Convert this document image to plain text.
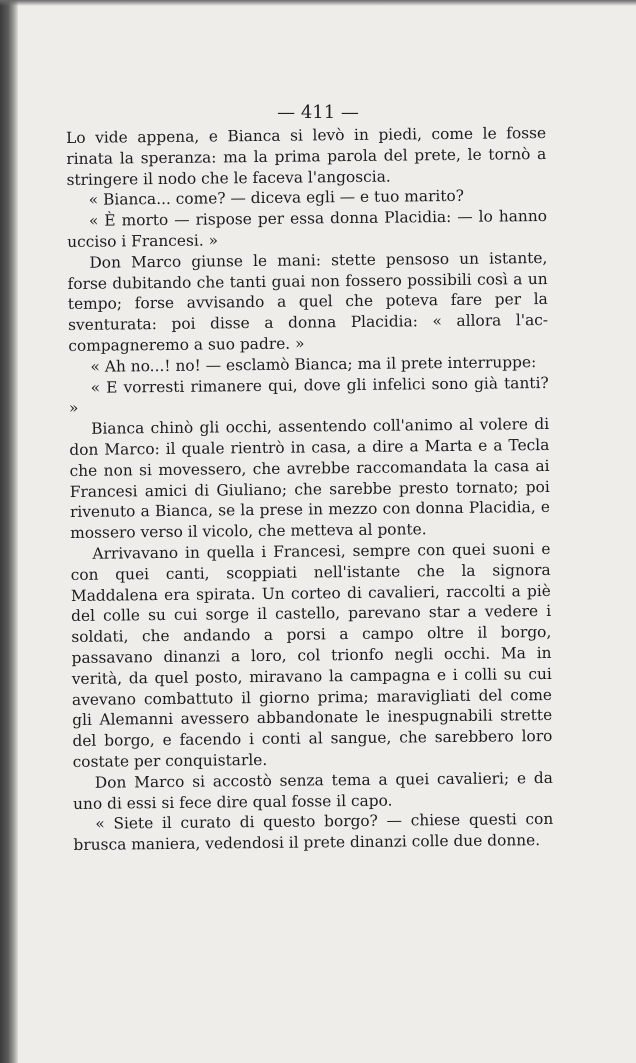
— 411 —

Lo vide appena, e Bianca si levò in piedi, come le fosse rinata la speranza: ma la prima parola del prete, le tornò a stringere il nodo che le faceva l'angoscia.

« Bianca... come? — diceva egli — e tuo marito?

« È morto — rispose per essa donna Placidia: — lo hanno ucciso i Francesi. »

Don Marco giunse le mani: stette pensoso un istante, forse dubitando che tanti guai non fossero possibili così a un tempo; forse avvisando a quel che poteva fare per la sventurata: poi disse a donna Placidia: « allora l'accompagneremo a suo padre. »

« Ah no...! no! — esclamò Bianca; ma il prete interruppe:

« E vorresti rimanere qui, dove gli infelici sono già tanti? »

Bianca chinò gli occhi, assentendo coll'animo al volere di don Marco: il quale rientrò in casa, a dire a Marta e a Tecla che non si movessero, che avrebbe raccomandata la casa ai Francesi amici di Giuliano; che sarebbe presto tornato; poi rivenuto a Bianca, se la prese in mezzo con donna Placidia, e mossero verso il vicolo, che metteva al ponte.

Arrivavano in quella i Francesi, sempre con quei suoni e con quei canti, scoppiati nell'istante che la signora Maddalena era spirata. Un corteo di cavalieri, raccolti a piè del colle su cui sorge il castello, parevano star a vedere i soldati, che andando a porsi a campo oltre il borgo, passavano dinanzi a loro, col trionfo negli occhi. Ma in verità, da quel posto, miravano la campagna e i colli su cui avevano combattuto il giorno prima; maravigliati del come gli Alemanni avessero abbandonate le inespugnabili strette del borgo, e facendo i conti al sangue, che sarebbero loro costate per conquistarle.

Don Marco si accostò senza tema a quei cavalieri; e da uno di essi si fece dire qual fosse il capo.

« Siete il curato di questo borgo? — chiese questi con brusca maniera, vedendosi il prete dinanzi colle due donne.
